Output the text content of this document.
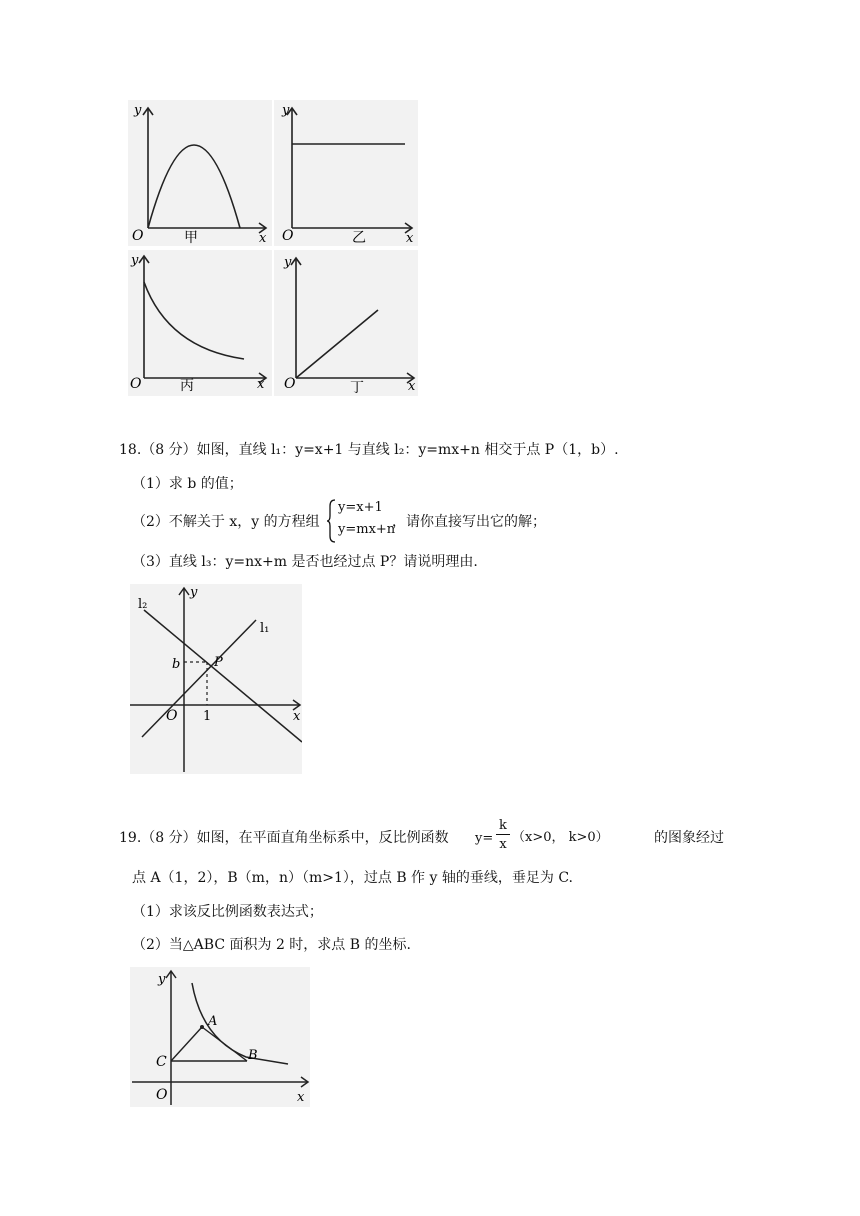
y
O	x
甲
y
O	x
乙
y
O	x
丙
y
O	x
丁
18.（8 分）如图，直线 l₁：y=x+1 与直线 l₂：y=mx+n 相交于点 P（1，b）.
（1）求 b 的值；
（2）不解关于 x，y 的方程组
y=x+1
y=mx+n
，请你直接写出它的解；
（3）直线 l₃：y=nx+m 是否也经过点 P？请说明理由.
y
x
O
b
1
P
l₁
l₂
19.（8 分）如图，在平面直角坐标系中，反比例函数 y=
k
x （x>0， k>0）	的图象经过
点 A（1，2），B（m，n）（m>1），过点 B 作 y 轴的垂线，垂足为 C.
（1）求该反比例函数表达式；
（2）当△ABC 面积为 2 时，求点 B 的坐标.
y
x
O
A
B
C
